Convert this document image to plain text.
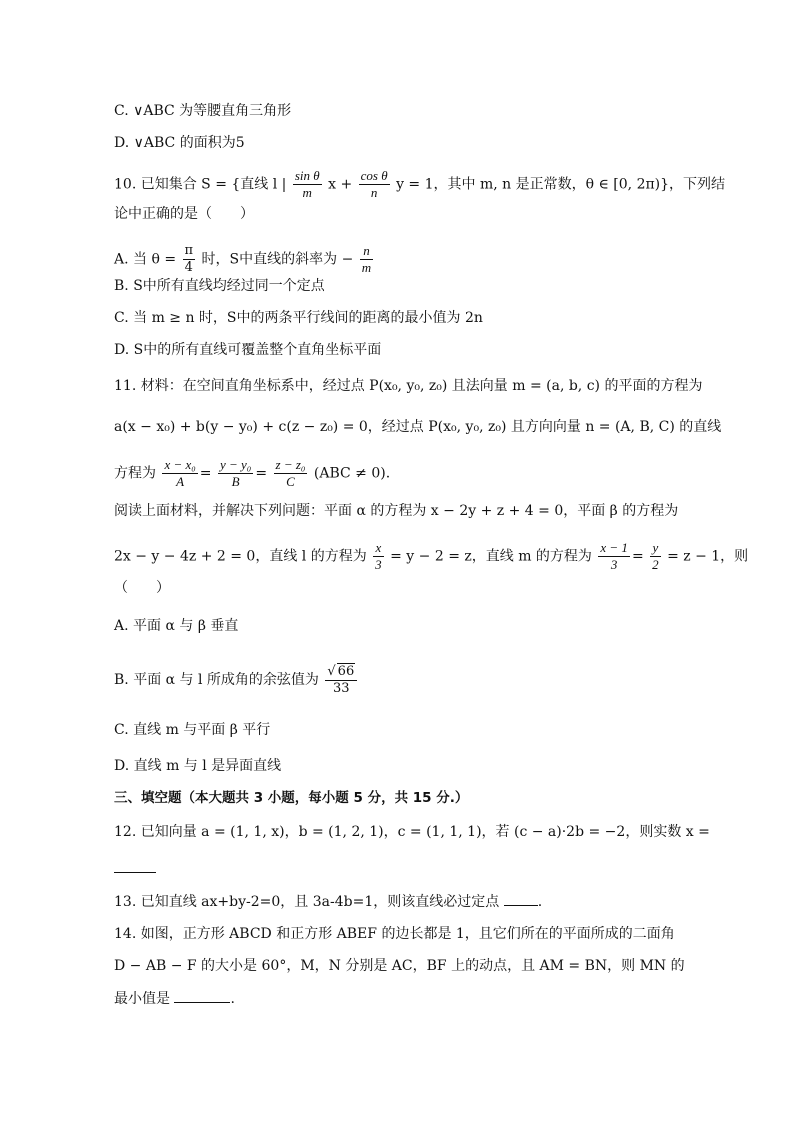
C. ∨ABC 为等腰直角三角形
D. ∨ABC 的面积为5
10. 已知集合 S = {直线 l | $\frac{\text{sin θ}}{m}$ $x + \frac{\text{cos θ}}{n}$ y = 1，其中 m, n 是正常数，θ ∈ [0, 2π)}，下列结
论中正确的是（　　）
A. 当 $\theta = \frac{\pi}{4}$ 时，S中直线的斜率为 − $\frac{n}{m}$
B. S中所有直线均经过同一个定点
C. 当 m ≥ n 时，S中的两条平行线间的距离的最小值为 2n
D. S中的所有直线可覆盖整个直角坐标平面
11. 材料：在空间直角坐标系中，经过点 P(x₀, y₀, z₀) 且法向量 m = (a, b, c) 的平面的方程为
a(x − x₀) + b(y − y₀) + c(z − z₀) = 0，经过点 P(x₀, y₀, z₀) 且方向向量 n = (A, B, C) 的直线
方程为 $\frac{\text{x − x₀}}{A} = \frac{\text{y − y₀}}{B} = \frac{\text{z − z₀}}{C} (ABC \ne 0)$.
阅读上面材料，并解决下列问题：平面 α 的方程为 x − 2y + z + 4 = 0，平面 β 的方程为
2x − y − 4z + 2 = 0，直线 l 的方程为 $\frac{x}{3} = y - 2 = z$，直线 m 的方程为 $\frac{x - 1}{3} = \frac{y}{2} = z - 1$，则
（　　）
A. 平面 α 与 β 垂直
B. 平面 α 与 l 所成角的余弦值为 $\frac{√ 66}{33}$
C. 直线 m 与平面 β 平行
D. 直线 m 与 l 是异面直线
三、填空题（本大题共 3 小题，每小题 5 分，共 15 分.）
12. 已知向量 a = (1, 1, x)，b = (1, 2, 1)，c = (1, 1, 1)，若 (c − a)·2b = −2，则实数 x =
13. 已知直线 ax+by-2=0，且 3a-4b=1，则该直线必过定点	.
14. 如图，正方形 ABCD 和正方形 ABEF 的边长都是 1，且它们所在的平面所成的二面角
D − AB − F 的大小是 60°，M，N 分别是 AC，BF 上的动点，且 AM = BN，则 MN 的
最小值是	.
